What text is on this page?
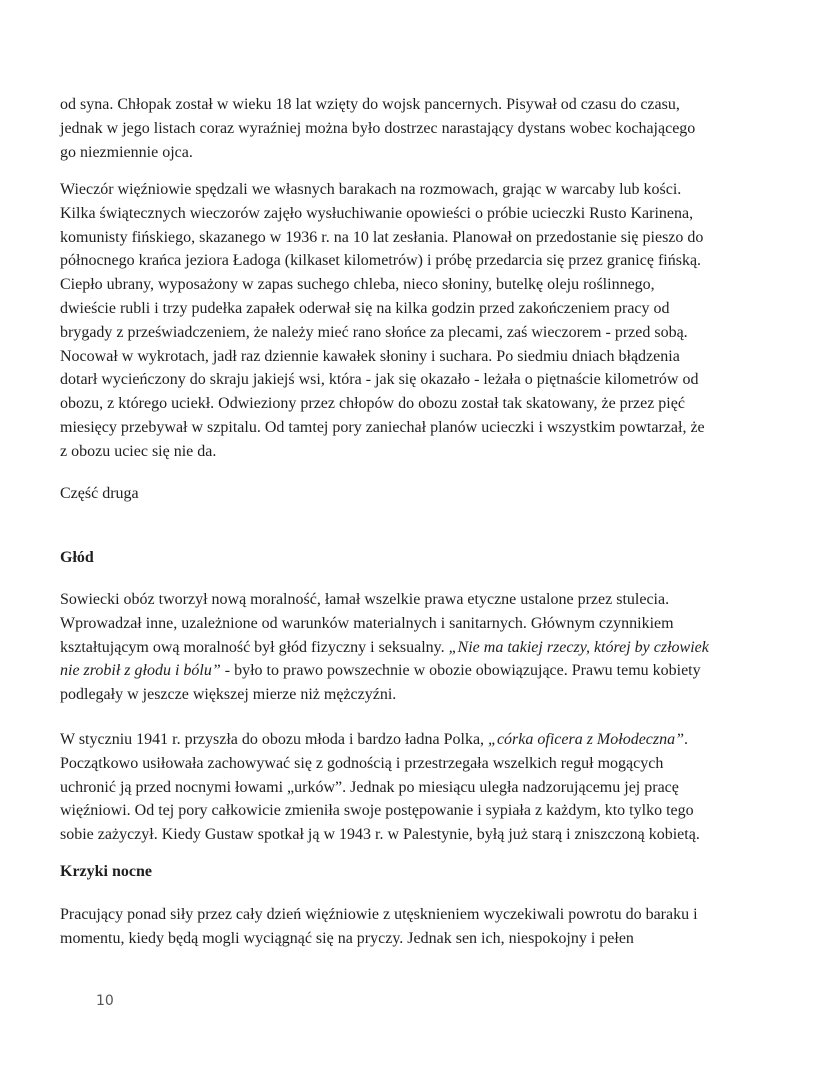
od syna. Chłopak został w wieku 18 lat wzięty do wojsk pancernych. Pisywał od czasu do czasu,
jednak w jego listach coraz wyraźniej można było dostrzec narastający dystans wobec kochającego
go niezmiennie ojca.
Wieczór więźniowie spędzali we własnych barakach na rozmowach, grając w warcaby lub kości.
Kilka świątecznych wieczorów zajęło wysłuchiwanie opowieści o próbie ucieczki Rusto Karinena,
komunisty fińskiego, skazanego w 1936 r. na 10 lat zesłania. Planował on przedostanie się pieszo do
północnego krańca jeziora Ładoga (kilkaset kilometrów) i próbę przedarcia się przez granicę fińską.
Ciepło ubrany, wyposażony w zapas suchego chleba, nieco słoniny, butelkę oleju roślinnego,
dwieście rubli i trzy pudełka zapałek oderwał się na kilka godzin przed zakończeniem pracy od
brygady z przeświadczeniem, że należy mieć rano słońce za plecami, zaś wieczorem - przed sobą.
Nocował w wykrotach, jadł raz dziennie kawałek słoniny i suchara. Po siedmiu dniach błądzenia
dotarł wycieńczony do skraju jakiejś wsi, która - jak się okazało - leżała o piętnaście kilometrów od
obozu, z którego uciekł. Odwieziony przez chłopów do obozu został tak skatowany, że przez pięć
miesięcy przebywał w szpitalu. Od tamtej pory zaniechał planów ucieczki i wszystkim powtarzał, że
z obozu uciec się nie da.
Część druga
Głód
Sowiecki obóz tworzył nową moralność, łamał wszelkie prawa etyczne ustalone przez stulecia.
Wprowadzał inne, uzależnione od warunków materialnych i sanitarnych. Głównym czynnikiem
kształtującym ową moralność był głód fizyczny i seksualny. „Nie ma takiej rzeczy, której by człowiek
nie zrobił z głodu i bólu” - było to prawo powszechnie w obozie obowiązujące. Prawu temu kobiety
podlegały w jeszcze większej mierze niż mężczyźni.
W styczniu 1941 r. przyszła do obozu młoda i bardzo ładna Polka, „córka oficera z Mołodeczna”.
Początkowo usiłowała zachowywać się z godnością i przestrzegała wszelkich reguł mogących
uchronić ją przed nocnymi łowami „urków”. Jednak po miesiącu uległa nadzorującemu jej pracę
więźniowi. Od tej pory całkowicie zmieniła swoje postępowanie i sypiała z każdym, kto tylko tego
sobie zażyczył. Kiedy Gustaw spotkał ją w 1943 r. w Palestynie, byłą już starą i zniszczoną kobietą.
Krzyki nocne
Pracujący ponad siły przez cały dzień więźniowie z utęsknieniem wyczekiwali powrotu do baraku i
momentu, kiedy będą mogli wyciągnąć się na pryczy. Jednak sen ich, niespokojny i pełen
10
